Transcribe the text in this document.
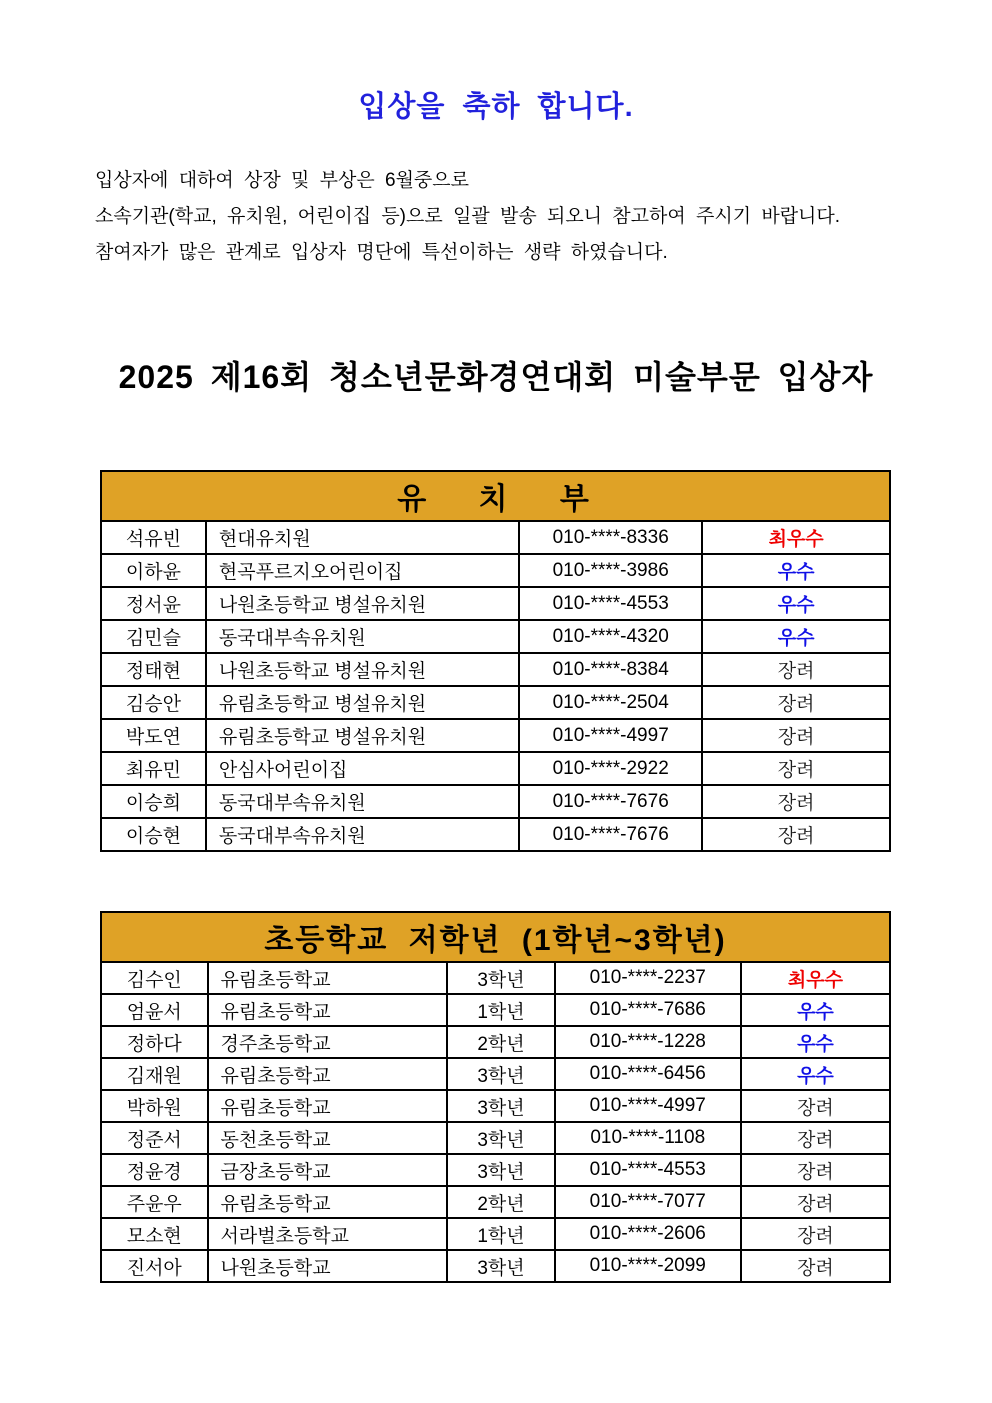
입상을 축하 합니다.

입상자에 대하여 상장 및 부상은 6월중으로

소속기관(학교, 유치원, 어린이집 등)으로 일괄 발송 되오니 참고하여 주시기 바랍니다.

참여자가 많은 관계로 입상자 명단에 특선이하는 생략 하였습니다.

2025 제16회 청소년문화경연대회 미술부문 입상자
유 치 부			
석유빈	현대유치원	010-****-8336	최우수
이하윤	현곡푸르지오어린이집	010-****-3986	우수
정서윤	나원초등학교 병설유치원	010-****-4553	우수
김민슬	동국대부속유치원	010-****-4320	우수
정태현	나원초등학교 병설유치원	010-****-8384	장려
김승안	유림초등학교 병설유치원	010-****-2504	장려
박도연	유림초등학교 병설유치원	010-****-4997	장려
최유민	안심사어린이집	010-****-2922	장려
이승희	동국대부속유치원	010-****-7676	장려
이승현	동국대부속유치원	010-****-7676	장려
초등학교 저학년 (1학년~3학년)				
김수인	유림초등학교	3학년	010-****-2237	최우수
엄윤서	유림초등학교	1학년	010-****-7686	우수
정하다	경주초등학교	2학년	010-****-1228	우수
김재원	유림초등학교	3학년	010-****-6456	우수
박하원	유림초등학교	3학년	010-****-4997	장려
정준서	동천초등학교	3학년	010-****-1108	장려
정윤경	금장초등학교	3학년	010-****-4553	장려
주윤우	유림초등학교	2학년	010-****-7077	장려
모소현	서라벌초등학교	1학년	010-****-2606	장려
진서아	나원초등학교	3학년	010-****-2099	장려
